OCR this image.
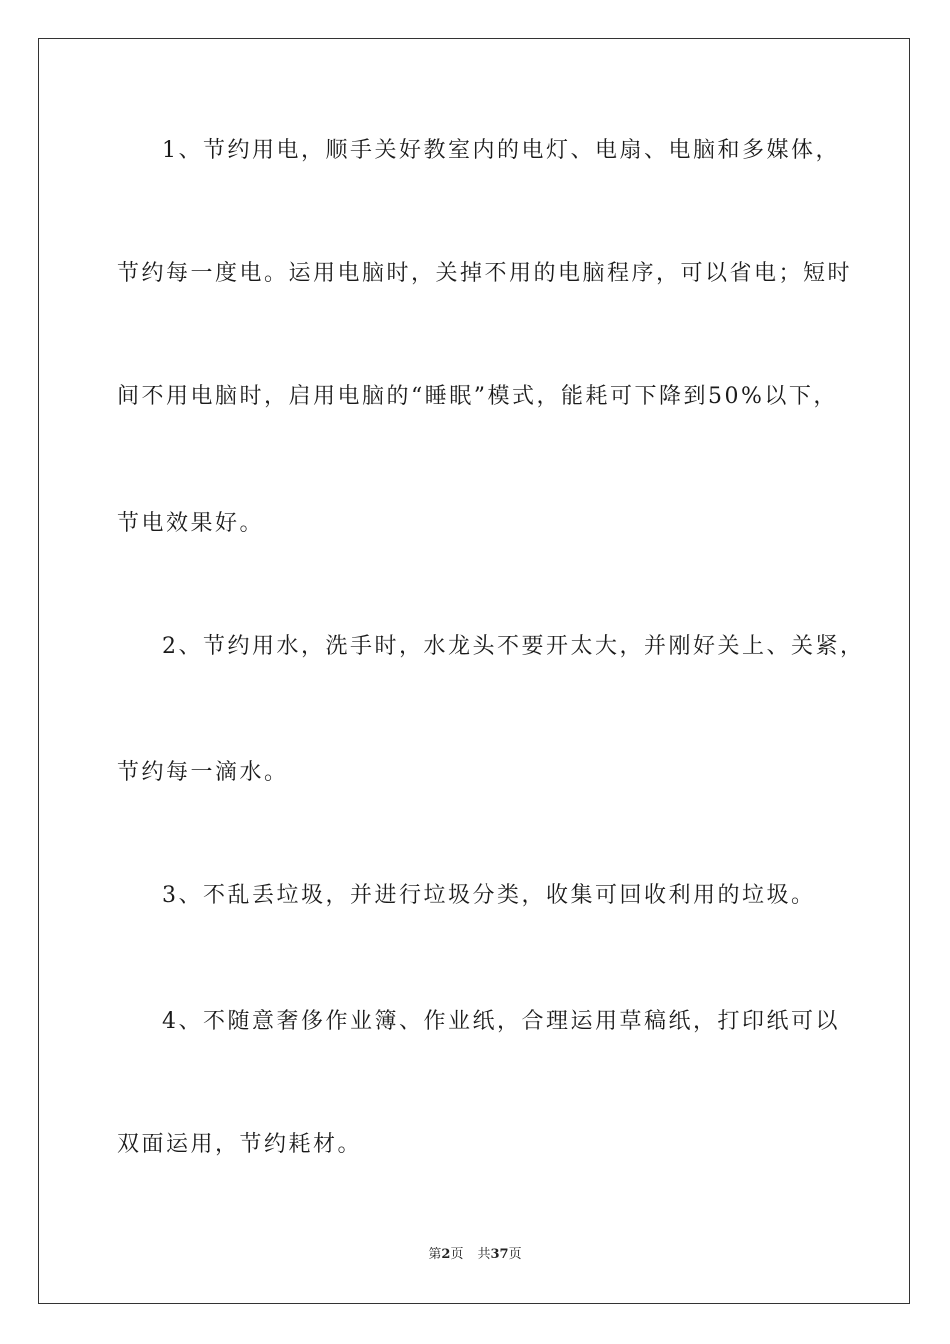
1、节约用电，顺手关好教室内的电灯、电扇、电脑和多媒体，
节约每一度电。运用电脑时，关掉不用的电脑程序，可以省电；短时
间不用电脑时，启用电脑的“睡眠”模式，能耗可下降到50%以下，
节电效果好。
2、节约用水，洗手时，水龙头不要开太大，并刚好关上、关紧，
节约每一滴水。
3、不乱丢垃圾，并进行垃圾分类，收集可回收利用的垃圾。
4、不随意奢侈作业簿、作业纸，合理运用草稿纸，打印纸可以
双面运用，节约耗材。
第2页 共37页
